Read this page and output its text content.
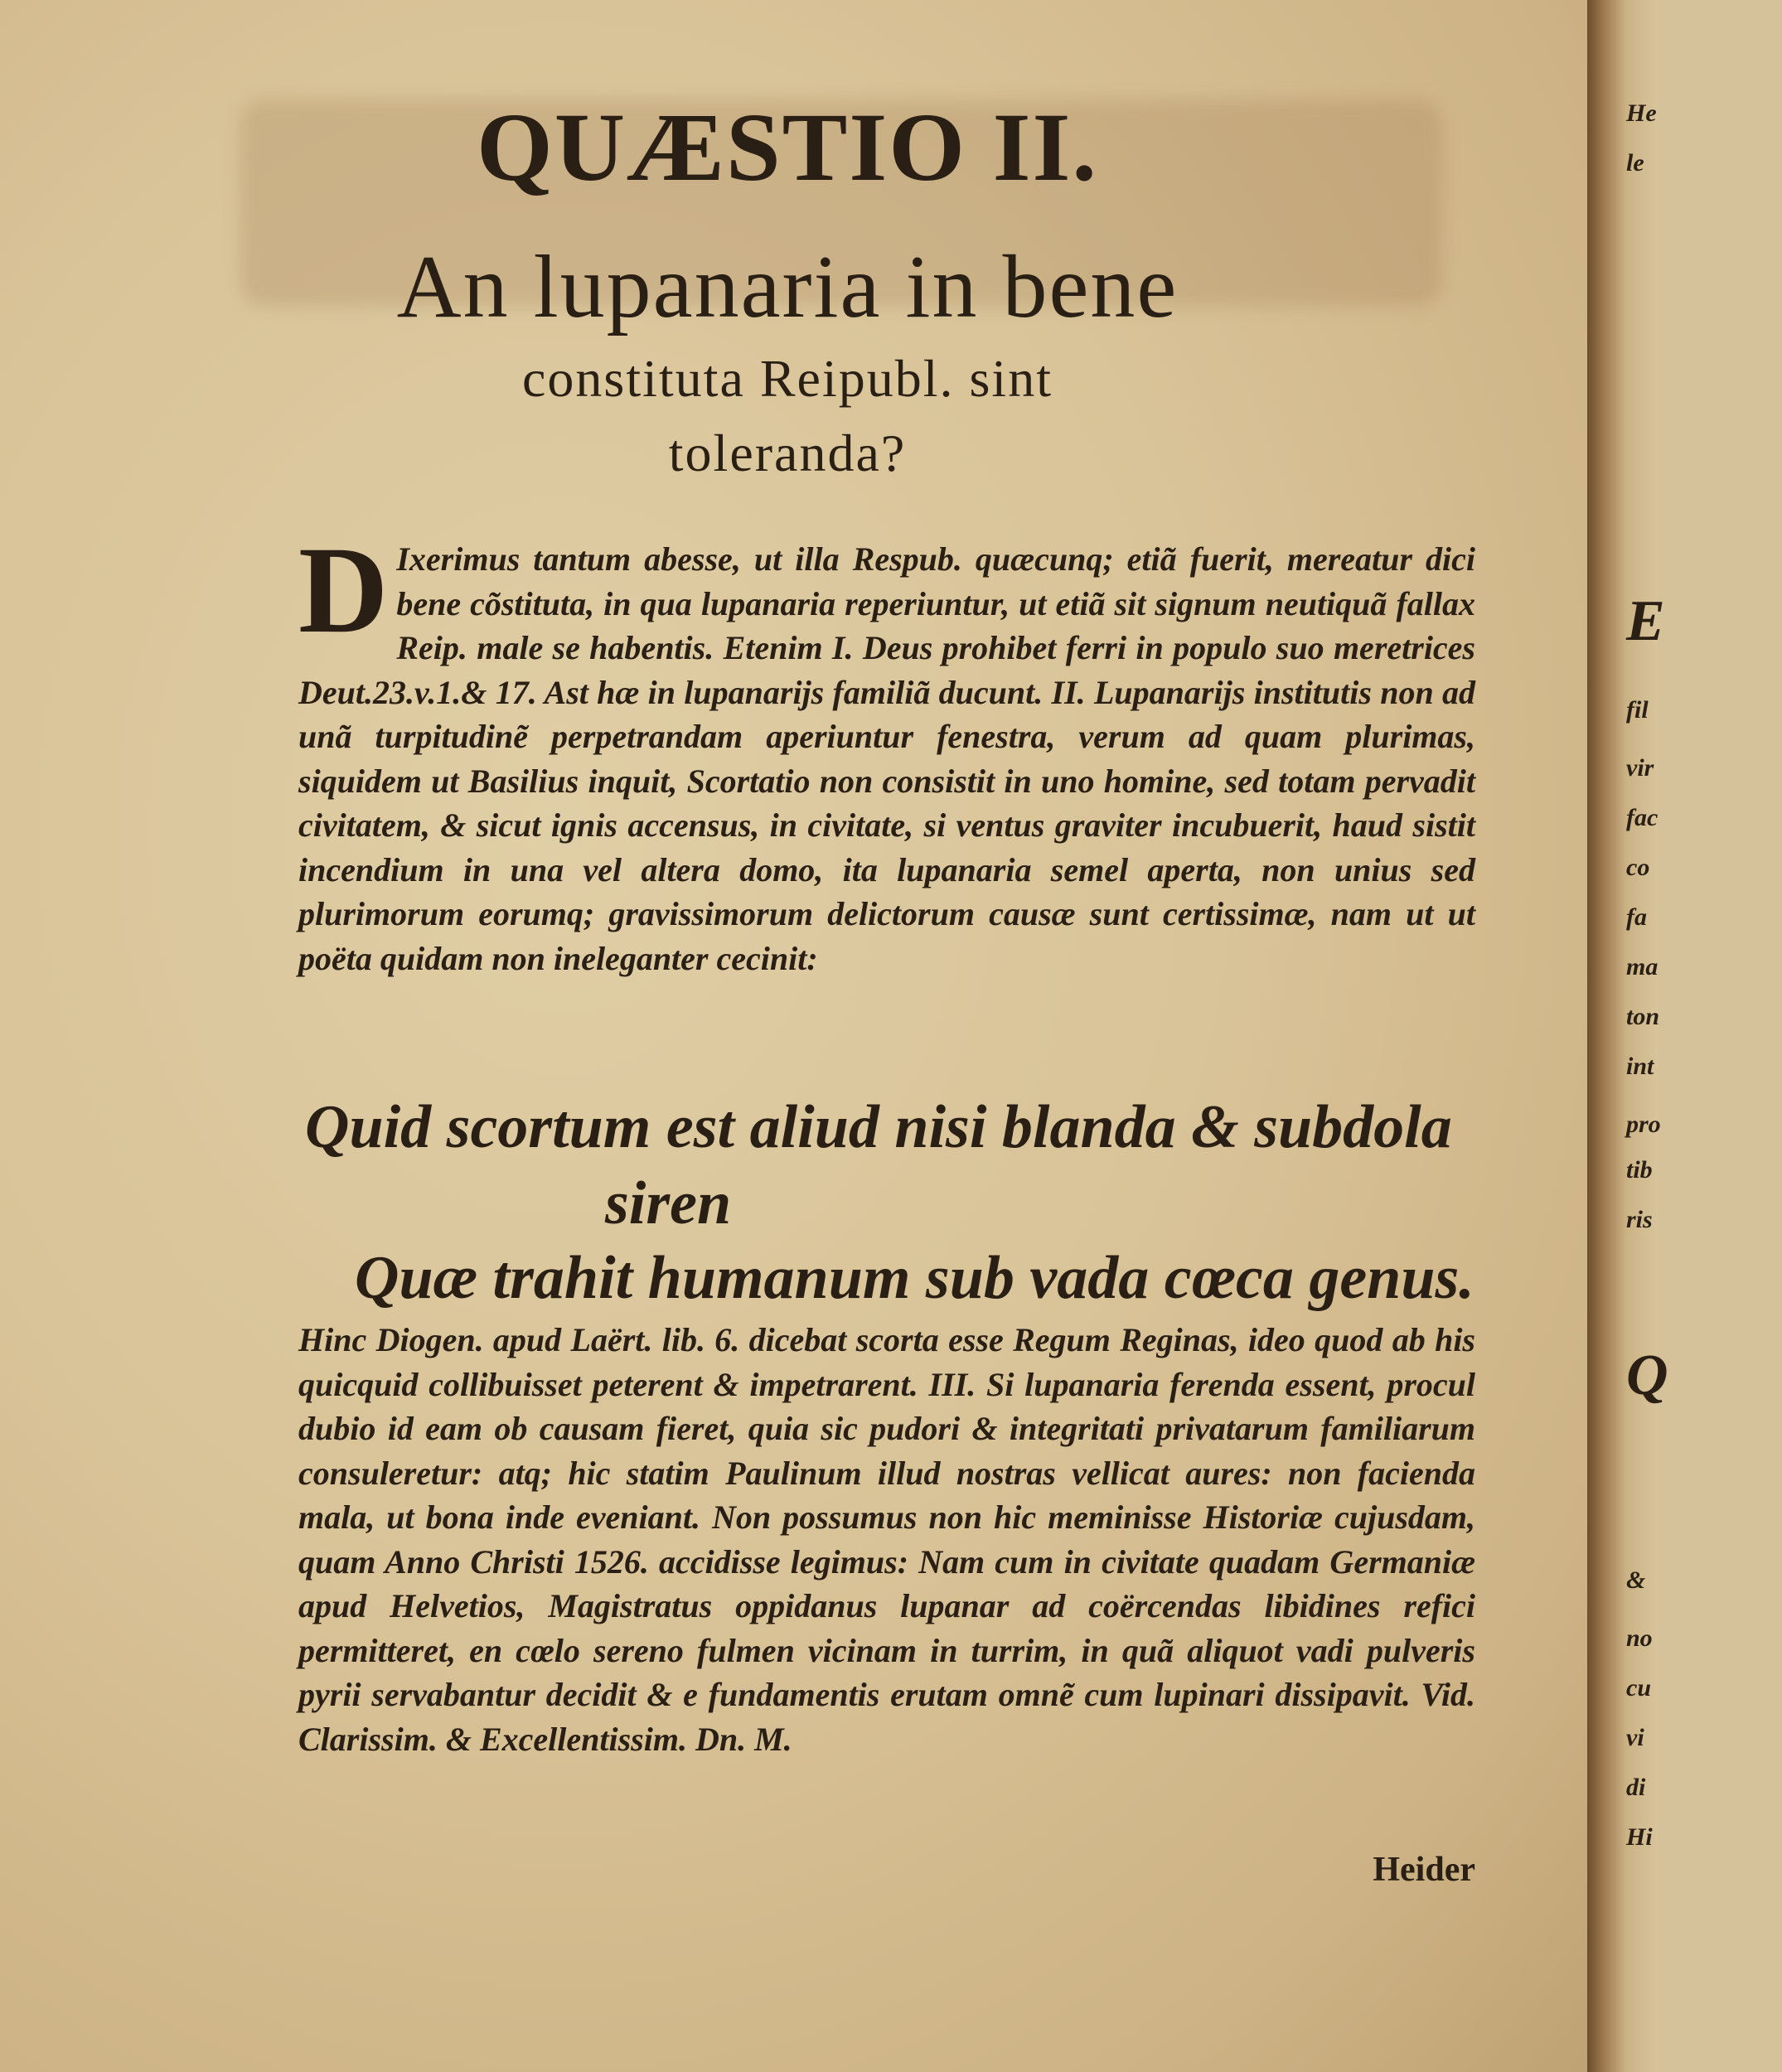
QUÆSTIO II.
An lupanaria in bene
constituta Reipubl. sint
toleranda?
D Ixerimus tantum abesse, ut illa Respub. quæcunq; etiã fuerit, mereatur dici bene cõstituta, in qua lupanaria reperiuntur, ut etiã sit signum neutiquã fallax Reip. male se habentis. Etenim I. Deus prohibet ferri in populo suo meretrices Deut.23.v.1.& 17. Ast hæ in lupanarijs familiã ducunt. II. Lupanarijs institutis non ad unã turpitudinẽ perpetrandam aperiuntur fenestra, verum ad quam plurimas, siquidem ut Basilius inquit, Scortatio non consistit in uno homine, sed totam pervadit civitatem, & sicut ignis accensus, in civitate, si ventus graviter incubuerit, haud sistit incendium in una vel altera domo, ita lupanaria semel aperta, non unius sed plurimorum eorumq; gravissimorum delictorum causæ sunt certissimæ, nam ut ut poëta quidam non ineleganter cecinit:
Quid scortum est aliud nisi blanda & subdola
siren
Quæ trahit humanum sub vada cœca genus.
Hinc Diogen. apud Laërt. lib. 6. dicebat scorta esse Regum Reginas, ideo quod ab his quicquid collibuisset peterent & impetrarent. III. Si lupanaria ferenda essent, procul dubio id eam ob causam fieret, quia sic pudori & integritati privatarum familiarum consuleretur: atq; hic statim Paulinum illud nostras vellicat aures: non facienda mala, ut bona inde eveniant. Non possumus non hic meminisse Historiæ cujusdam, quam Anno Christi 1526. accidisse legimus: Nam cum in civitate quadam Germaniæ apud Helvetios, Magistratus oppidanus lupanar ad coërcendas libidines refici permitteret, en cœlo sereno fulmen vicinam in turrim, in quã aliquot vadi pulveris pyrii servabantur decidit & e fundamentis erutam omnẽ cum lupinari dissipavit. Vid. Clarissim. & Excellentissim. Dn. M.
Heider
He
le
E
fil
vir
fac
co
fa
ma
ton
int
pro
tib
ris
Q
&
no
cu
vi
di
Hi
